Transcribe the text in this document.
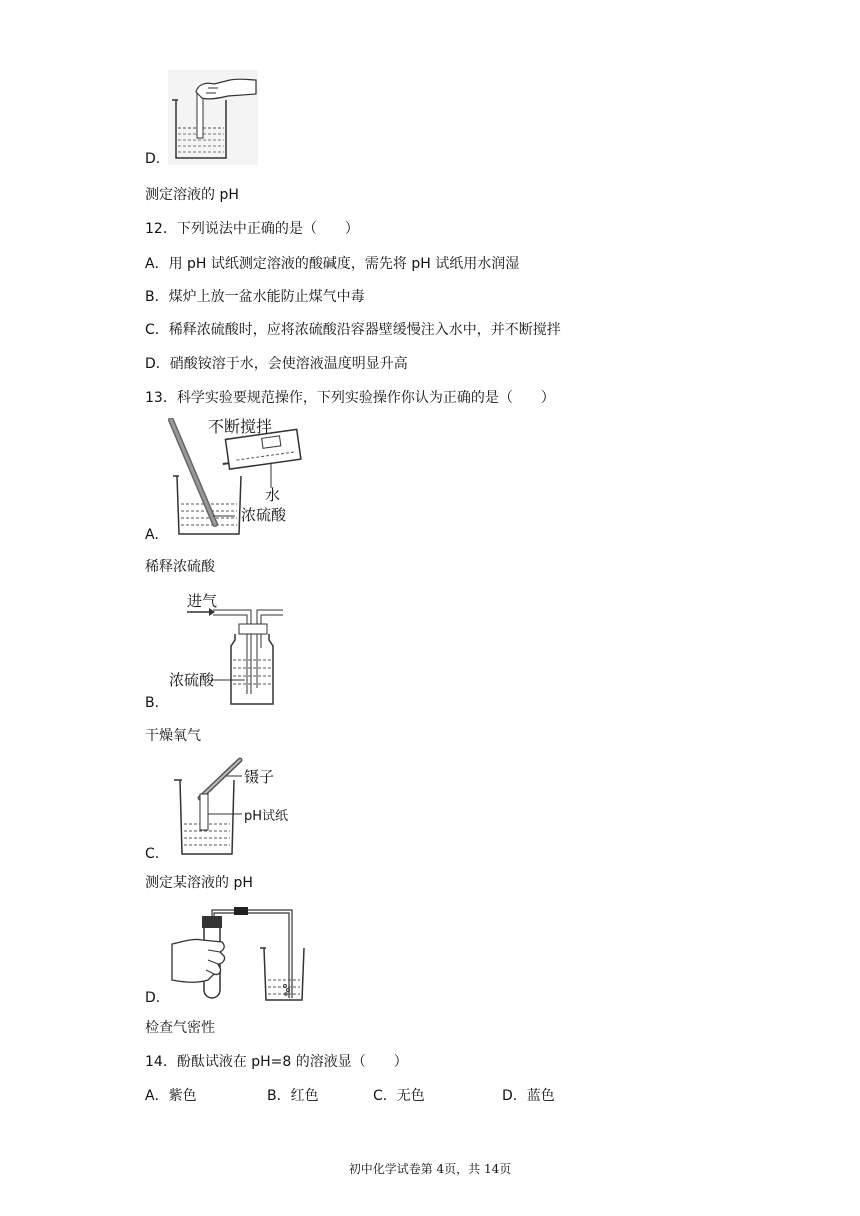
D.
测定溶液的 pH
12．下列说法中正确的是（　　）
A．用 pH 试纸测定溶液的酸碱度，需先将 pH 试纸用水润湿
B．煤炉上放一盆水能防止煤气中毒
C．稀释浓硫酸时，应将浓硫酸沿容器壁缓慢注入水中，并不断搅拌
D．硝酸铵溶于水，会使溶液温度明显升高
13．科学实验要规范操作，下列实验操作你认为正确的是（　　）
不断搅拌
水
浓硫酸
A.
稀释浓硫酸
进气
浓硫酸
B.
干燥氧气
镊子
pH试纸
C.
测定某溶液的 pH
D.
检查气密性
14．酚酞试液在 pH=8 的溶液显（　　）
A．紫色	B．红色	C．无色	D．蓝色
初中化学试卷第 4页，共 14页
